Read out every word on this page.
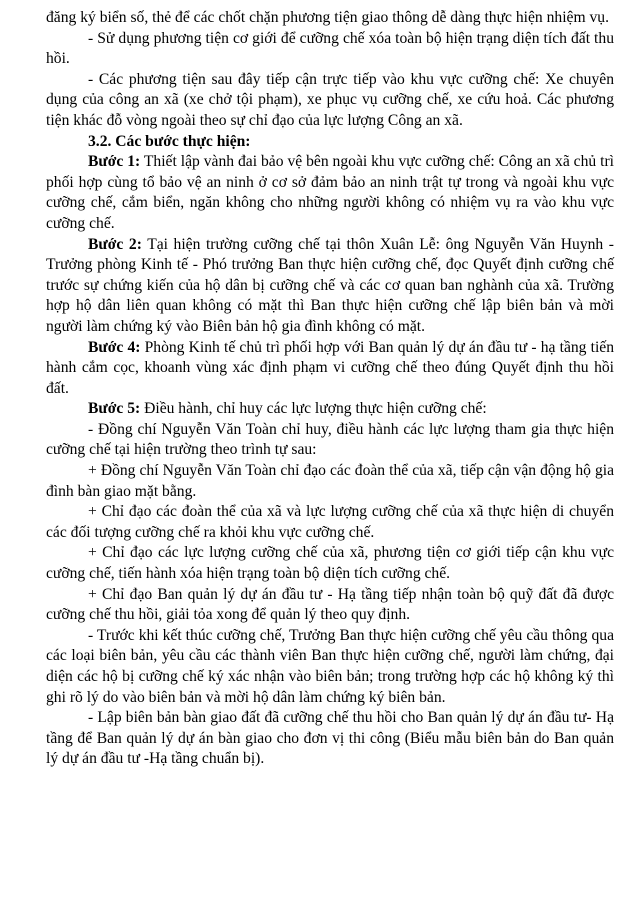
đăng ký biển số, thẻ để các chốt chặn phương tiện giao thông dễ dàng thực hiện nhiệm vụ.

- Sử dụng phương tiện cơ giới để cưỡng chế xóa toàn bộ hiện trạng diện tích đất thu hồi.

- Các phương tiện sau đây tiếp cận trực tiếp vào khu vực cưỡng chế: Xe chuyên dụng của công an xã (xe chở tội phạm), xe phục vụ cưỡng chế, xe cứu hoả. Các phương tiện khác đỗ vòng ngoài theo sự chỉ đạo của lực lượng Công an xã.

3.2. Các bước thực hiện:

Bước 1: Thiết lập vành đai bảo vệ bên ngoài khu vực cưỡng chế: Công an xã chủ trì phối hợp cùng tổ bảo vệ an ninh ở cơ sở đảm bảo an ninh trật tự trong và ngoài khu vực cưỡng chế, cắm biển, ngăn không cho những người không có nhiệm vụ ra vào khu vực cưỡng chế.

Bước 2: Tại hiện trường cưỡng chế tại thôn Xuân Lễ: ông Nguyễn Văn Huynh - Trưởng phòng Kinh tế - Phó trưởng Ban thực hiện cưỡng chế, đọc Quyết định cưỡng chế trước sự chứng kiến của hộ dân bị cưỡng chế và các cơ quan ban nghành của xã. Trường hợp hộ dân liên quan không có mặt thì Ban thực hiện cưỡng chế lập biên bản và mời người làm chứng ký vào Biên bản hộ gia đình không có mặt.

Bước 4: Phòng Kinh tế chủ trì phối hợp với Ban quản lý dự án đầu tư - hạ tầng tiến hành cắm cọc, khoanh vùng xác định phạm vi cưỡng chế theo đúng Quyết định thu hồi đất.

Bước 5: Điều hành, chỉ huy các lực lượng thực hiện cưỡng chế:

- Đồng chí Nguyễn Văn Toàn chỉ huy, điều hành các lực lượng tham gia thực hiện cưỡng chế tại hiện trường theo trình tự sau:

+ Đồng chí Nguyễn Văn Toàn chỉ đạo các đoàn thể của xã, tiếp cận vận động hộ gia đình bàn giao mặt bằng.

+ Chỉ đạo các đoàn thể của xã và lực lượng cưỡng chế của xã thực hiện di chuyển các đối tượng cưỡng chế ra khỏi khu vực cưỡng chế.

+ Chỉ đạo các lực lượng cưỡng chế của xã, phương tiện cơ giới tiếp cận khu vực cưỡng chế, tiến hành xóa hiện trạng toàn bộ diện tích cưỡng chế.

+ Chỉ đạo Ban quản lý dự án đầu tư - Hạ tầng tiếp nhận toàn bộ quỹ đất đã được cưỡng chế thu hồi, giải tỏa xong để quản lý theo quy định.

- Trước khi kết thúc cưỡng chế, Trưởng Ban thực hiện cưỡng chế yêu cầu thông qua các loại biên bản, yêu cầu các thành viên Ban thực hiện cưỡng chế, người làm chứng, đại diện các hộ bị cưỡng chế ký xác nhận vào biên bản; trong trường hợp các hộ không ký thì ghi rõ lý do vào biên bản và mời hộ dân làm chứng ký biên bản.

- Lập biên bản bàn giao đất đã cưỡng chế thu hồi cho Ban quản lý dự án đầu tư- Hạ tầng để Ban quản lý dự án bàn giao cho đơn vị thi công (Biểu mẫu biên bản do Ban quản lý dự án đầu tư -Hạ tầng chuẩn bị).
